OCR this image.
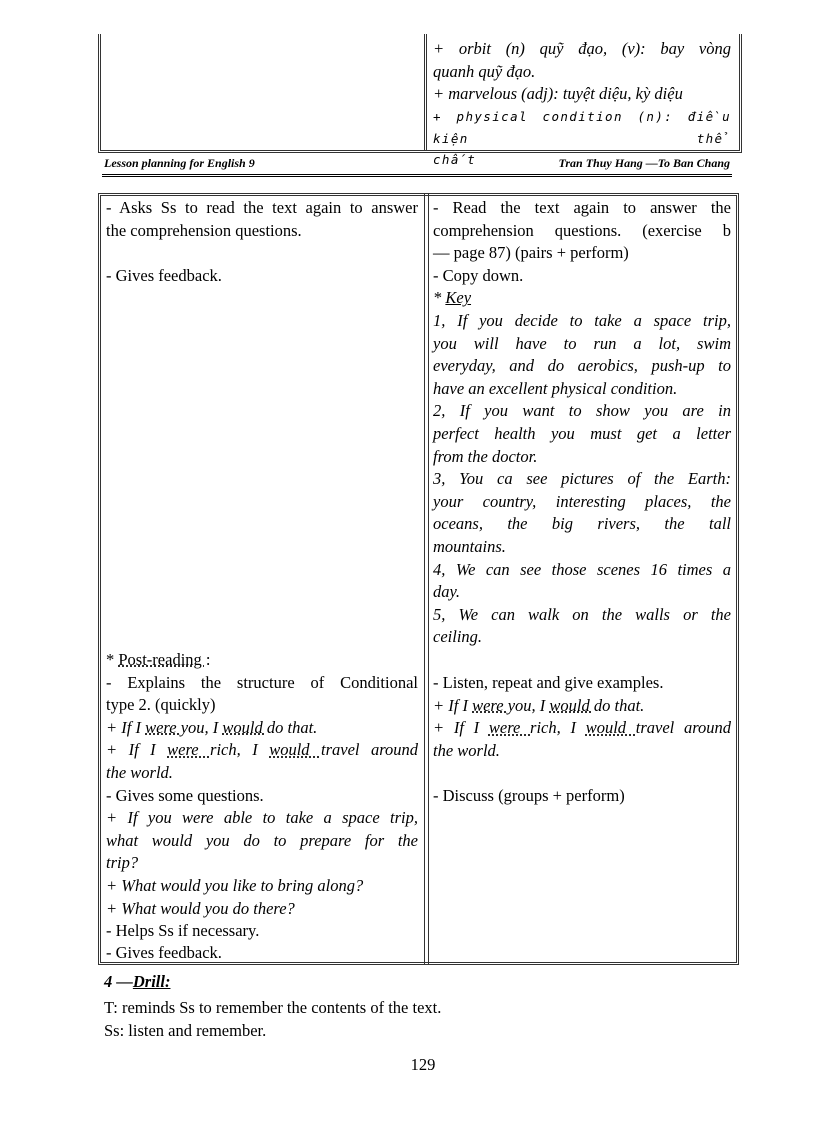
+ orbit (n) quỹ đạo, (v): bay vòng

quanh quỹ đạo.

+ marvelous (adj): tuyệt diệu, kỳ diệu

+ physical condition (n): điều kiện thể

chất

Lesson planning for English 9	Tran Thuy Hang —To Ban Chang

- Asks Ss to read the text again to answer

the comprehension questions.

- Gives feedback.

* Post-reading :

- Explains the structure of Conditional

type 2. (quickly)

+ If I were you, I would do that.

+ If I were rich, I would travel around

the world.

- Gives some questions.

+ If you were able to take a space trip,

what would you do to prepare for the

trip?

+ What would you like to bring along?

+ What would you do there?

- Helps Ss if necessary.

- Gives feedback.

- Read the text again to answer the

comprehension questions. (exercise b

— page 87) (pairs + perform)

- Copy down.

* Key

1, If you decide to take a space trip,

you will have to run a lot, swim

everyday, and do aerobics, push-up to

have an excellent physical condition.

2, If you want to show you are in

perfect health you must get a letter

from the doctor.

3, You ca see pictures of the Earth:

your country, interesting places, the

oceans, the big rivers, the tall

mountains.

4, We can see those scenes 16 times a

day.

5, We can walk on the walls or the

ceiling.

- Listen, repeat and give examples.

+ If I were you, I would do that.

+ If I were rich, I would travel around

the world.

- Discuss (groups + perform)

4 —Drill:

T: reminds Ss to remember the contents of the text.

Ss: listen and remember.

129
